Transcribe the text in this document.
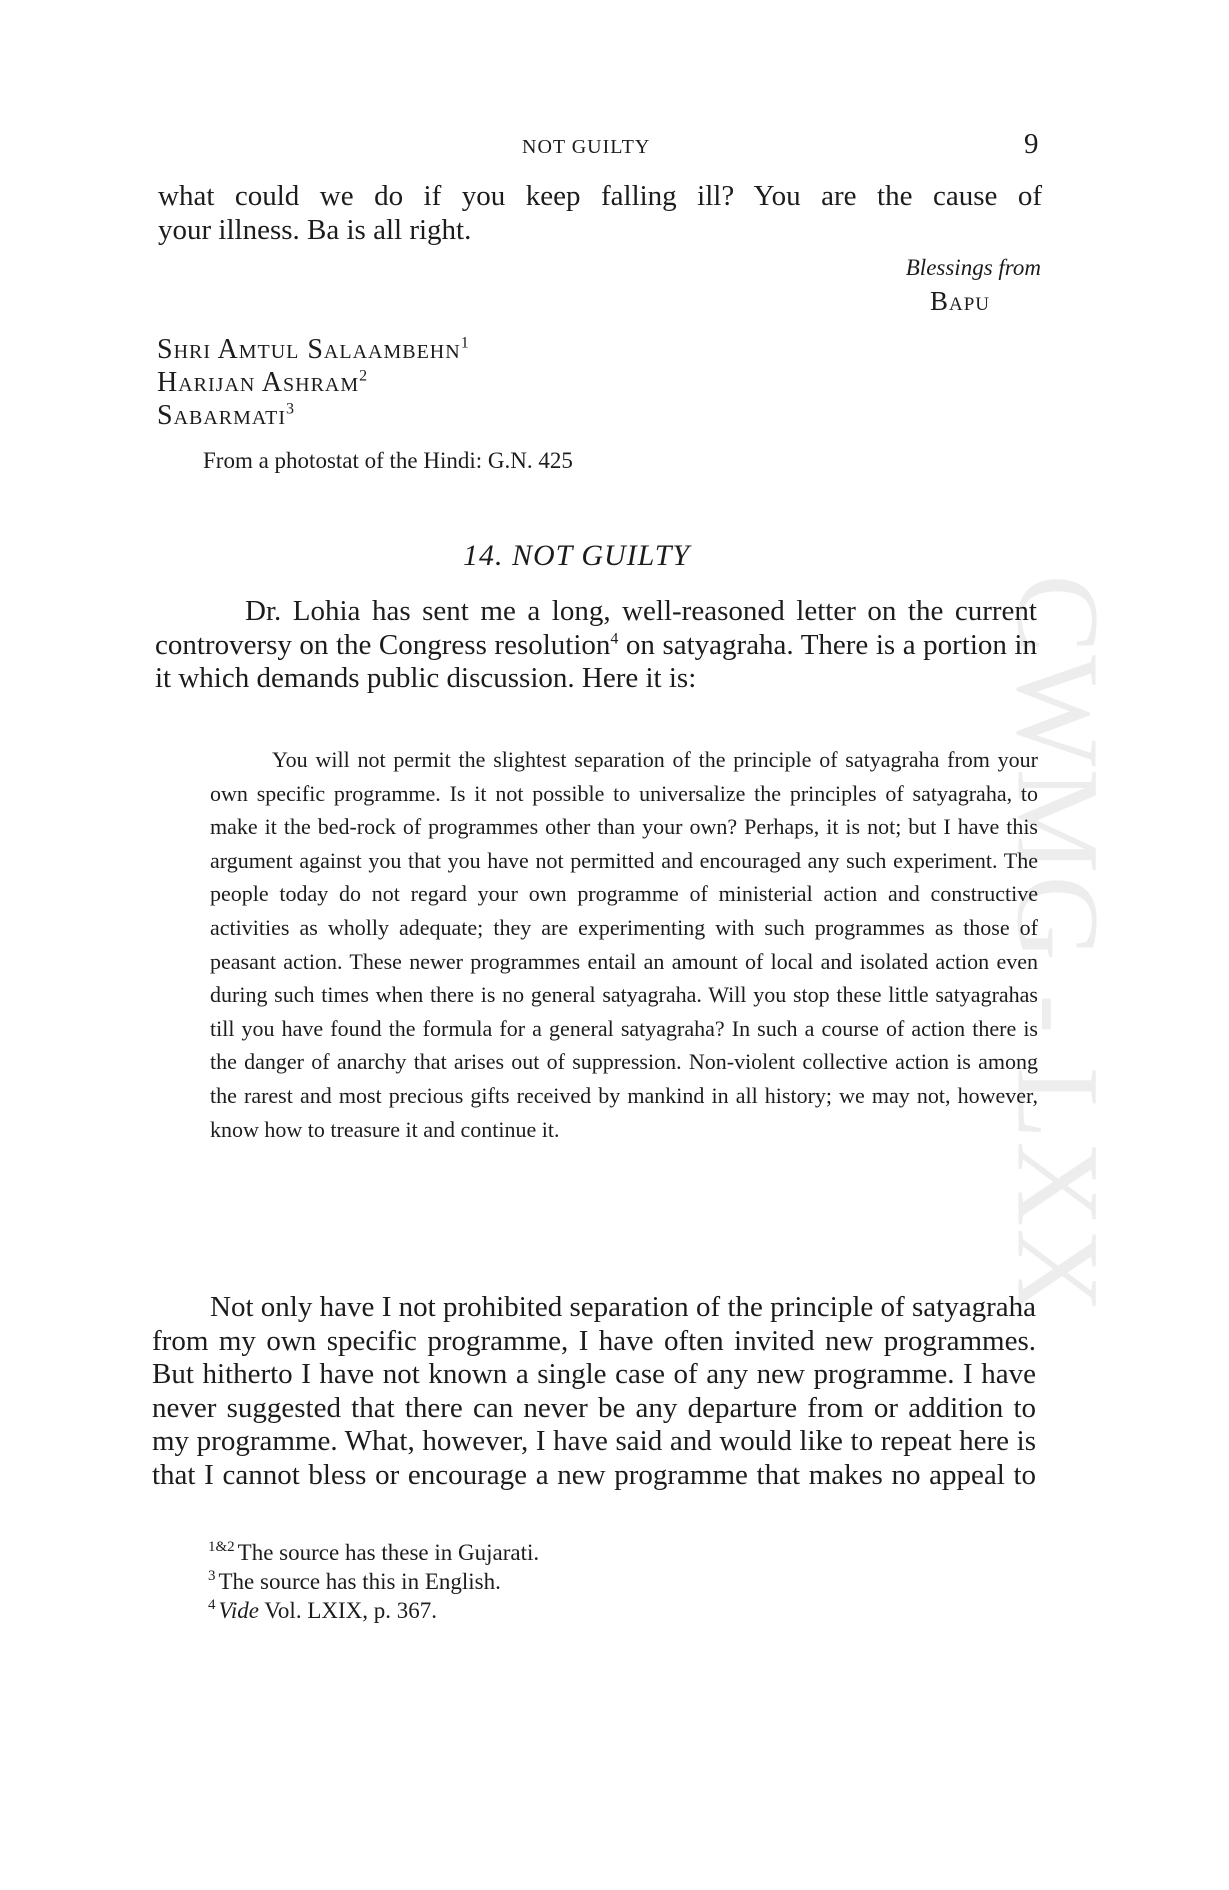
CWMG - LXX
NOT GUILTY	9
what could we do if you keep falling ill? You are the cause of
your illness. Ba is all right.
Blessings from
Bapu
Shri Amtul Salaambehn$^1$
Harijan Ashram$^2$
Sabarmati$^3$
From a photostat of the Hindi: G.N. 425
14. NOT GUILTY
Dr. Lohia has sent me a long, well-reasoned letter on the current controversy on the Congress resolution$^4$ on satyagraha. There is a portion in it which demands public discussion. Here it is:
You will not permit the slightest separation of the principle of satyagraha from your own specific programme. Is it not possible to universalize the principles of satyagraha, to make it the bed-rock of programmes other than your own? Perhaps, it is not; but I have this argument against you that you have not permitted and encouraged any such experiment. The people today do not regard your own programme of ministerial action and constructive activities as wholly adequate; they are experimenting with such programmes as those of peasant action. These newer programmes entail an amount of local and isolated action even during such times when there is no general satyagraha. Will you stop these little satyagrahas till you have found the formula for a general satyagraha? In such a course of action there is the danger of anarchy that arises out of suppression. Non-violent collective action is among the rarest and most precious gifts received by mankind in all history; we may not, however, know how to treasure it and continue it.
Not only have I not prohibited separation of the principle of satyagraha from my own specific programme, I have often invited new programmes. But hitherto I have not known a single case of any new programme. I have never suggested that there can never be any departure from or addition to my programme. What, however, I have said and would like to repeat here is that I cannot bless or encourage a new programme that makes no appeal to
$^{1\&2}$ The source has these in Gujarati.
$^3$ The source has this in English.
$^4$ Vide Vol. LXIX, p. 367.
